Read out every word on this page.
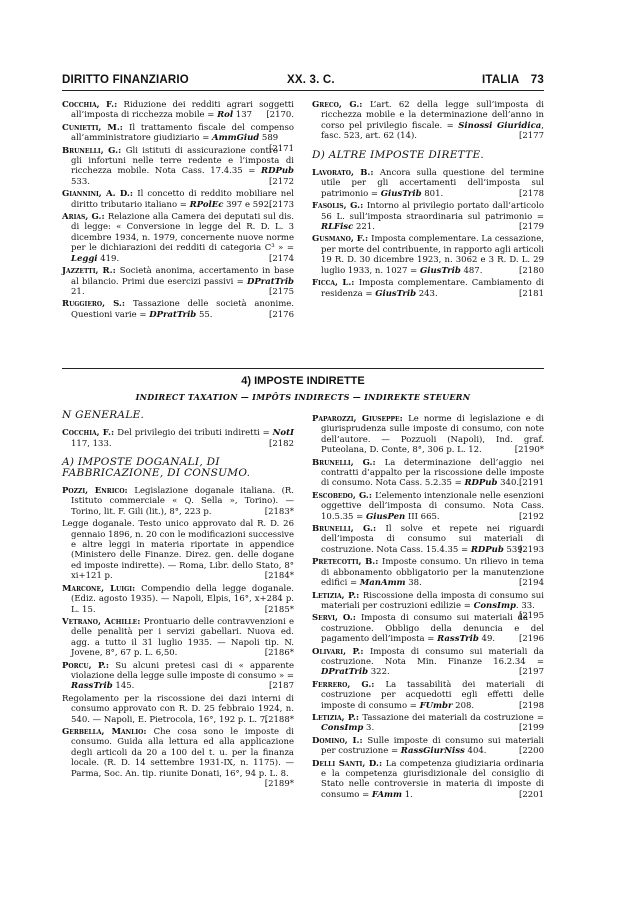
DIRITTO FINANZIARIO	XX. 3. C.	ITALIA 73
Cocchia, F.: Riduzione dei redditi agrari soggetti all’imposta di ricchezza mobile = Rol 137 [2170.
Cunietti, M.: Il trattamento fiscale del compenso all’amministratore giudiziario = AmmGiud 589
[2171
Brunelli, G.: Gli istituti di assicurazione contro gli infortuni nelle terre redente e l’imposta di ricchezza mobile. Nota Cass. 17.4.35 = RDPub 533.	[2172
Giannini, A. D.: Il concetto di reddito mobiliare nel diritto tributario italiano = RPolEc 397 e 592.
[2173
Arias, G.: Relazione alla Camera dei deputati sul dis. di legge: « Conversione in legge del R. D. L. 3 dicembre 1934, n. 1979, concernente nuove norme per le dichiarazioni dei redditi di categoria C³ » = Leggi 419.	[2174
Jazzetti, R.: Società anonima, accertamento in base al bilancio. Primi due esercizi passivi = DPratTrib 21.	[2175
Ruggiero, S.: Tassazione delle società anonime. Questioni varie = DPratTrib 55.	[2176
Greco, G.: L’art. 62 della legge sull’imposta di ricchezza mobile e la determinazione dell’anno in corso pel privilegio fiscale. = Sinossi Giuridica, fasc. 523, art. 62 (14).	[2177
D) ALTRE IMPOSTE DIRETTE.
Lavorato, B.: Ancora sulla questione del termine utile per gli accertamenti dell’imposta sul patrimonio = GiusTrib 801.	[2178
Fasolis, G.: Intorno al privilegio portato dall’articolo 56 L. sull’imposta straordinaria sul patrimonio = RLFisc 221.	[2179
Gusmano, F.: Imposta complementare. La cessazione, per morte del contribuente, in rapporto agli articoli 19 R. D. 30 dicembre 1923, n. 3062 e 3 R. D. L. 29 luglio 1933, n. 1027 = GiusTrib 487.	[2180
Ficca, L.: Imposta complementare. Cambiamento di residenza = GiusTrib 243.	[2181
4) IMPOSTE INDIRETTE
INDIRECT TAXATION — IMPÔTS INDIRECTS — INDIREKTE STEUERN
N GENERALE.
Cocchia, F.: Del privilegio dei tributi indiretti = NotI 117, 133.	[2182
A) IMPOSTE DOGANALI, DI FABBRICAZIONE, DI CONSUMO.
Pozzi, Enrico: Legislazione doganale italiana. (R. Istituto commerciale « Q. Sella », Torino). — Torino, lit. F. Gili (lit.), 8°, 223 p.	[2183*
Legge doganale. Testo unico approvato dal R. D. 26 gennaio 1896, n. 20 con le modificazioni successive e altre leggi in materia riportate in appendice (Ministero delle Finanze. Direz. gen. delle dogane ed imposte indirette). — Roma, Libr. dello Stato, 8° xi+121 p.	[2184*
Marcone, Luigi: Compendio della legge doganale. (Ediz. agosto 1935). — Napoli, Elpis, 16°, x+284 p. L. 15.	[2185*
Vetrano, Achille: Prontuario delle contravvenzioni e delle penalità per i servizi gabellari. Nuova ed. agg. a tutto il 31 luglio 1935. — Napoli tip. N. Jovene, 8°, 67 p. L. 6,50.	[2186*
Porcu, P.: Su alcuni pretesi casi di « apparente violazione della legge sulle imposte di consumo » = RassTrib 145.	[2187
Regolamento per la riscossione dei dazi interni di consumo approvato con R. D. 25 febbraio 1924, n. 540. — Napoli, E. Pietrocola, 16°, 192 p. L. 7.
[2188*
Gerbella, Manlio: Che cosa sono le imposte di consumo. Guida alla lettura ed alla applicazione degli articoli da 20 a 100 del t. u. per la finanza locale. (R. D. 14 settembre 1931-IX, n. 1175). — Parma, Soc. An. tip. riunite Donati, 16°, 94 p. L. 8.
[2189*
Paparozzi, Giuseppe: Le norme di legislazione e di giurisprudenza sulle imposte di consumo, con note dell’autore. — Pozzuoli (Napoli), Ind. graf. Puteolana, D. Conte, 8°, 306 p. L. 12.	[2190*
Brunelli, G.: La determinazione dell’aggio nei contratti d’appalto per la riscossione delle imposte di consumo. Nota Cass. 5.2.35 = RDPub 340. [2191
Escobedo, G.: L’elemento intenzionale nelle esenzioni oggettive dell’imposta di consumo. Nota Cass. 10.5.35 = GiusPen III 665.	[2192
Brunelli, G.: Il solve et repete nei riguardi dell’imposta di consumo sui materiali di costruzione. Nota Cass. 15.4.35 = RDPub 539.
[2193
Pretecotti, B.: Imposte consumo. Un rilievo in tema di abbonamento obbligatorio per la manutenzione edifici = ManAmm 38.	[2194
Letizia, P.: Riscossione della imposta di consumo sui materiali per costruzioni edilizie = ConsImp. 33.
[2195
Servi, O.: Imposta di consumo sui materiali da costruzione. Obbligo della denuncia e del pagamento dell’imposta = RassTrib 49.	[2196
Olivari, P.: Imposta di consumo sui materiali da costruzione. Nota Min. Finanze 16.2.34 = DPratTrib 322.	[2197
Ferrero, G.: La tassabilità dei materiali di costruzione per acquedotti egli effetti delle imposte di consumo = FUmbr 208.	[2198
Letizia, P.: Tassazione dei materiali da costruzione = ConsImp 3.	[2199
Domino, I.: Sulle imposte di consumo sui materiali per costruzione = RassGiurNiss 404.	[2200
Delli Santi, D.: La competenza giudiziaria ordinaria e la competenza giurisdizionale del consiglio di Stato nelle controversie in materia di imposte di consumo = FAmm 1.	[2201
